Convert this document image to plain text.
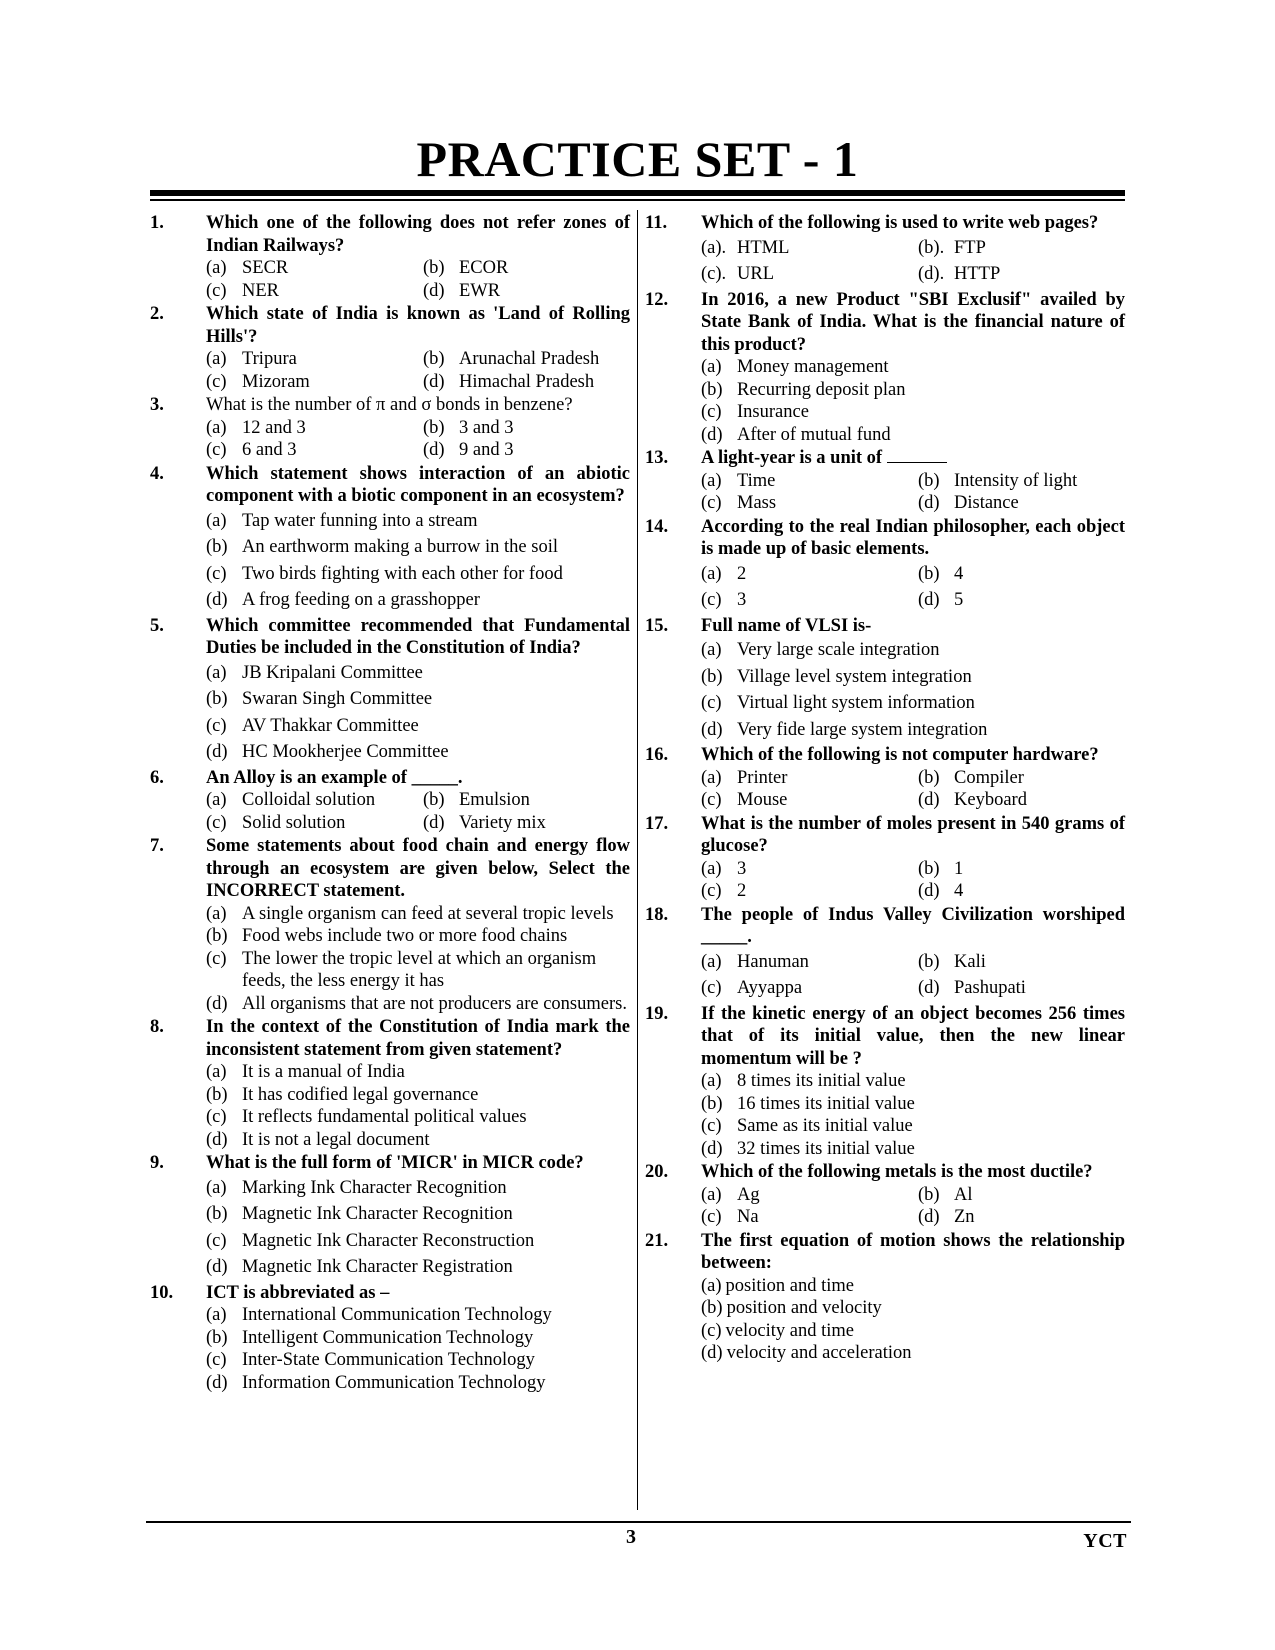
PRACTICE SET - 1
1. Which one of the following does not refer zones of Indian Railways?
(a) SECR	(b) ECOR
(c) NER	(d) EWR
2. Which state of India is known as 'Land of Rolling Hills'?
(a) Tripura	(b) Arunachal Pradesh
(c) Mizoram	(d) Himachal Pradesh
3. What is the number of π and σ bonds in benzene?
(a) 12 and 3	(b) 3 and 3
(c) 6 and 3	(d) 9 and 3
4. Which statement shows interaction of an abiotic component with a biotic component in an ecosystem?
(a) Tap water funning into a stream
(b) An earthworm making a burrow in the soil
(c) Two birds fighting with each other for food
(d) A frog feeding on a grasshopper
5. Which committee recommended that Fundamental Duties be included in the Constitution of India?
(a) JB Kripalani Committee
(b) Swaran Singh Committee
(c) AV Thakkar Committee
(d) HC Mookherjee Committee
6. An Alloy is an example of _____.
(a) Colloidal solution	(b) Emulsion
(c) Solid solution	(d) Variety mix
7. Some statements about food chain and energy flow through an ecosystem are given below, Select the INCORRECT statement.
(a) A single organism can feed at several tropic levels
(b) Food webs include two or more food chains
(c) The lower the tropic level at which an organism feeds, the less energy it has
(d) All organisms that are not producers are consumers.
8. In the context of the Constitution of India mark the inconsistent statement from given statement?
(a) It is a manual of India
(b) It has codified legal governance
(c) It reflects fundamental political values
(d) It is not a legal document
9. What is the full form of 'MICR' in MICR code?
(a) Marking Ink Character Recognition
(b) Magnetic Ink Character Recognition
(c) Magnetic Ink Character Reconstruction
(d) Magnetic Ink Character Registration
10. ICT is abbreviated as –
(a) International Communication Technology
(b) Intelligent Communication Technology
(c) Inter-State Communication Technology
(d) Information Communication Technology
11. Which of the following is used to write web pages?
(a). HTML	(b). FTP
(c). URL	(d). HTTP
12. In 2016, a new Product "SBI Exclusif" availed by State Bank of India. What is the financial nature of this product?
(a) Money management
(b) Recurring deposit plan
(c) Insurance
(d) After of mutual fund
13. A light-year is a unit of
(a) Time	(b) Intensity of light
(c) Mass	(d) Distance
14. According to the real Indian philosopher, each object is made up of basic elements.
(a) 2	(b) 4
(c) 3	(d) 5
15. Full name of VLSI is-
(a) Very large scale integration
(b) Village level system integration
(c) Virtual light system information
(d) Very fide large system integration
16. Which of the following is not computer hardware?
(a) Printer	(b) Compiler
(c) Mouse	(d) Keyboard
17. What is the number of moles present in 540 grams of glucose?
(a) 3	(b) 1
(c) 2	(d) 4
18. The people of Indus Valley Civilization worshiped _____.
(a) Hanuman	(b) Kali
(c) Ayyappa	(d) Pashupati
19. If the kinetic energy of an object becomes 256 times that of its initial value, then the new linear momentum will be ?
(a) 8 times its initial value
(b) 16 times its initial value
(c) Same as its initial value
(d) 32 times its initial value
20. Which of the following metals is the most ductile?
(a) Ag	(b) Al
(c) Na	(d) Zn
21. The first equation of motion shows the relationship between:
(a) position and time
(b) position and velocity
(c) velocity and time
(d) velocity and acceleration
3	YCT
